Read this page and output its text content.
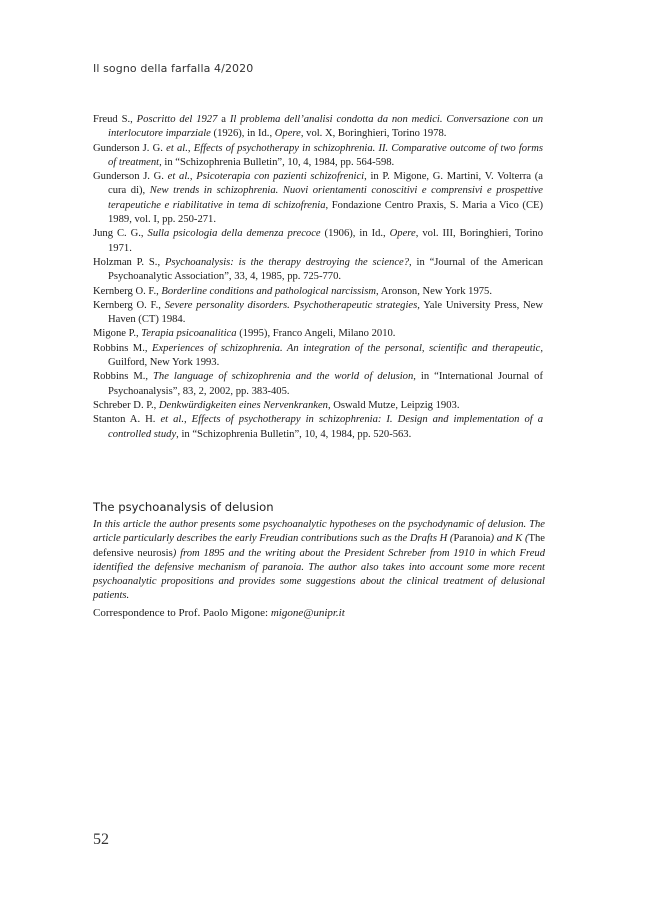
Il sogno della farfalla 4/2020
Freud S., Poscritto del 1927 a Il problema dell’analisi condotta da non medici. Conversazione con un interlocutore imparziale (1926), in Id., Opere, vol. X, Boringhieri, Torino 1978.
Gunderson J. G. et al., Effects of psychotherapy in schizophrenia. II. Comparative outcome of two forms of treatment, in “Schizophrenia Bulletin”, 10, 4, 1984, pp. 564-598.
Gunderson J. G. et al., Psicoterapia con pazienti schizofrenici, in P. Migone, G. Martini, V. Volterra (a cura di), New trends in schizophrenia. Nuovi orientamenti conoscitivi e comprensivi e prospettive terapeutiche e riabilitative in tema di schizofrenia, Fondazione Centro Praxis, S. Maria a Vico (CE) 1989, vol. I, pp. 250-271.
Jung C. G., Sulla psicologia della demenza precoce (1906), in Id., Opere, vol. III, Boringhieri, Torino 1971.
Holzman P. S., Psychoanalysis: is the therapy destroying the science?, in “Journal of the American Psychoanalytic Association”, 33, 4, 1985, pp. 725-770.
Kernberg O. F., Borderline conditions and pathological narcissism, Aronson, New York 1975.
Kernberg O. F., Severe personality disorders. Psychotherapeutic strategies, Yale University Press, New Haven (CT) 1984.
Migone P., Terapia psicoanalitica (1995), Franco Angeli, Milano 2010.
Robbins M., Experiences of schizophrenia. An integration of the personal, scientific and therapeutic, Guilford, New York 1993.
Robbins M., The language of schizophrenia and the world of delusion, in “International Journal of Psychoanalysis”, 83, 2, 2002, pp. 383-405.
Schreber D. P., Denkwürdigkeiten eines Nervenkranken, Oswald Mutze, Leipzig 1903.
Stanton A. H. et al., Effects of psychotherapy in schizophrenia: I. Design and implementation of a controlled study, in “Schizophrenia Bulletin”, 10, 4, 1984, pp. 520-563.
The psychoanalysis of delusion
In this article the author presents some psychoanalytic hypotheses on the psychodynamic of delusion. The article particularly describes the early Freudian contributions such as the Drafts H (Paranoia) and K (The defensive neurosis) from 1895 and the writing about the President Schreber from 1910 in which Freud identified the defensive mechanism of paranoia. The author also takes into account some more recent psychoanalytic propositions and provides some suggestions about the clinical treatment of delusional patients.
Correspondence to Prof. Paolo Migone: migone@unipr.it
52
